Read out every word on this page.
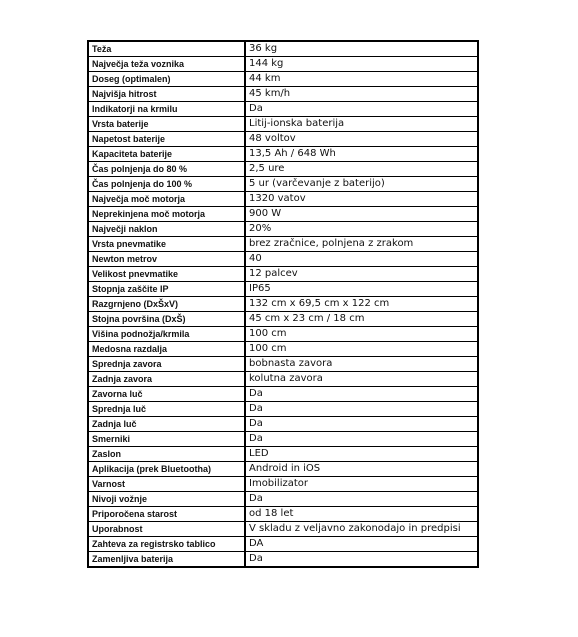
Teža	36 kg
Največja teža voznika	144 kg
Doseg (optimalen)	44 km
Najvišja hitrost	45 km/h
Indikatorji na krmilu	Da
Vrsta baterije	Litij-ionska baterija
Napetost baterije	48 voltov
Kapaciteta baterije	13,5 Ah / 648 Wh
Čas polnjenja do 80 %	2,5 ure
Čas polnjenja do 100 %	5 ur (varčevanje z baterijo)
Največja moč motorja	1320 vatov
Neprekinjena moč motorja	900 W
Največji naklon	20%
Vrsta pnevmatike	brez zračnice, polnjena z zrakom
Newton metrov	40
Velikost pnevmatike	12 palcev
Stopnja zaščite IP	IP65
Razgrnjeno (DxŠxV)	132 cm x 69,5 cm x 122 cm
Stojna površina (DxŠ)	45 cm x 23 cm / 18 cm
Višina podnožja/krmila	100 cm
Medosna razdalja	100 cm
Sprednja zavora	bobnasta zavora
Zadnja zavora	kolutna zavora
Zavorna luč	Da
Sprednja luč	Da
Zadnja luč	Da
Smerniki	Da
Zaslon	LED
Aplikacija (prek Bluetootha)	Android in iOS
Varnost	Imobilizator
Nivoji vožnje	Da
Priporočena starost	od 18 let
Uporabnost	V skladu z veljavno zakonodajo in predpisi
Zahteva za registrsko tablico	DA
Zamenljiva baterija	Da
